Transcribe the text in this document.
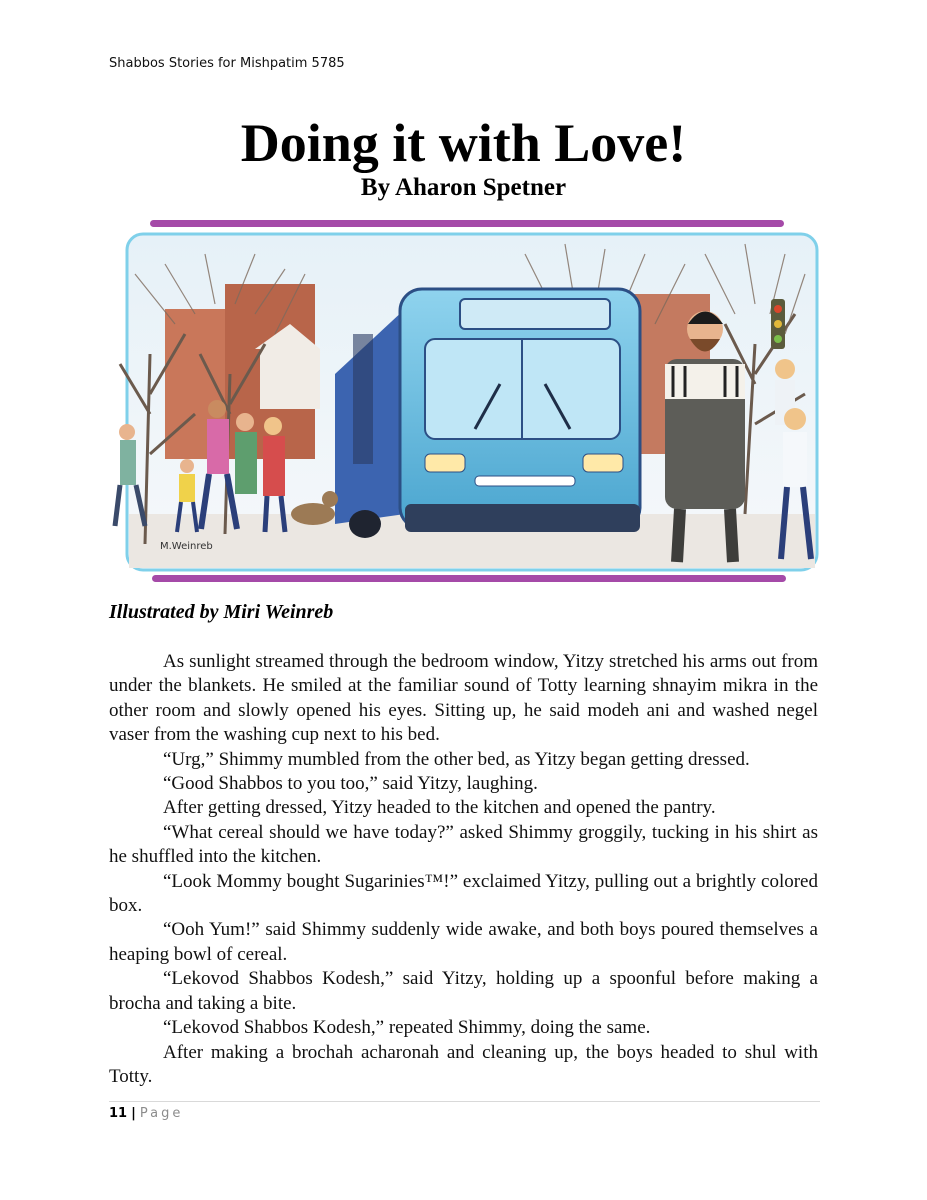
Shabbos Stories for Mishpatim 5785
Doing it with Love!
By Aharon Spetner
M.Weinreb
Illustrated by Miri Weinreb

As sunlight streamed through the bedroom window, Yitzy stretched his arms out from under the blankets. He smiled at the familiar sound of Totty learning shnayim mikra in the other room and slowly opened his eyes. Sitting up, he said modeh ani and washed negel vaser from the washing cup next to his bed.

“Urg,” Shimmy mumbled from the other bed, as Yitzy began getting dressed.

“Good Shabbos to you too,” said Yitzy, laughing.

After getting dressed, Yitzy headed to the kitchen and opened the pantry.

“What cereal should we have today?” asked Shimmy groggily, tucking in his shirt as he shuffled into the kitchen.

“Look Mommy bought Sugarinies™!” exclaimed Yitzy, pulling out a brightly colored box.

“Ooh Yum!” said Shimmy suddenly wide awake, and both boys poured themselves a heaping bowl of cereal.

“Lekovod Shabbos Kodesh,” said Yitzy, holding up a spoonful before making a brocha and taking a bite.

“Lekovod Shabbos Kodesh,” repeated Shimmy, doing the same.

After making a brochah acharonah and cleaning up, the boys headed to shul with Totty.

11 | Page
